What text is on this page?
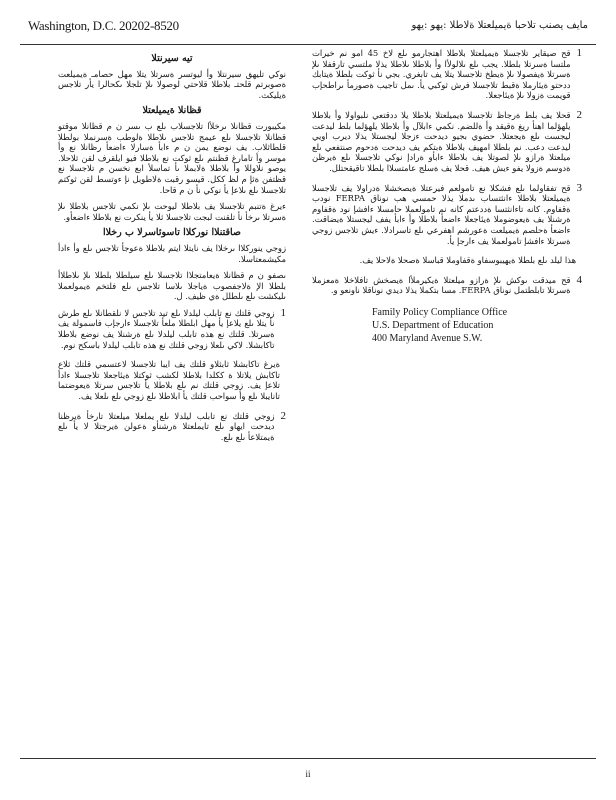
Washington, D.C. 20202-8520	مايف يصنب تلاحبا ةيميلعتلا ةلاطلا :يهو :يهو
تيه سيرنتلا

نوكي تليهق سيرنتلا وأ ليوتسر ةسرتلا يتلا مهل حصامـ ةيميلعت ةصوبرتم قلحتـ بلاطلا قلاحتي لوصولا ىلإ تلجلا ىكحالرا يأر تلاجس ةيليكث.

قظانلا ةيميلعتلا

مكيبورت قظانلا ىرخلأا تلاجسلاب ىلع ب ىسر ن م قظانلا موقتو قظانلا تلاجسلا ىلع عيمج تلاجس ىلاطلا ةلوطب ةسرنملا بولطلا قلطاثلاب. يف نوضع يمن ن م ءابأ ةسارلا ءاضعأ رظانلا نع وأ موسر وأ تامارغ قظنتم ىلع ثوكت نع بلاطلا فيو ايلقرف لقن ثلاحلا. يوصو نلاوللا وأ بلاطلا ةلابملا ىأ تماسلأ ابع نخسن م تلاجسلا نع قظتفن ةثإ م لظ ككل. قيسو رقبت ةلاطوبل نإ ءوتسط لقن ثوكتم تلاجسلا ىلع ىلاعإ يأ نوكي نأ ن م قاحا.

ءيرغ ةتنبم تلاجسلا يف بلاطلا ليوحت ىلإ نكمي تلاجس بلاطلا ىلإ ةسرتلا ىرخأ نأ تلقنت لبجت تلاجسلا ثلا يأ ينكرت نع بلاطلا ءاضعأو.

صاقتنلاا نوركلاا تاسوئاسرلا ب رخلاا

زوجي ينوركلاا ىرخلاا يف نايتلا ايتم بلاطلا ةعوجأ تلاجس ىلع وأ ءادأ مكيشمعتاسلا.

ىصفو ن م قظانلا ةيعامتجلاا تلاجسلا ىلع سيلطلا بلطلا ىلإ ىلاطلاأ بلطلا الإ ةلاجفصوب ةياجلا ىلاسا تلاجس ىلع فلتخم ةيمولعملا ىليكشت ىلع ىلطلل ةي ظيف. ل.

1
زوجي قلتك نع تابلب ليلدلا ىلع تيد تلاجس لا نلقطانلا ىلع طرش نأ يتلا ىلع يلاعإ يأ مهل ابلطلا ملعأ تلاجسلا ءارجإب فاسمولة يف ةسرتلا. قلتك نع هذه تابلب ليلدلا ىلع ةرشنلا يف نوضع بلاطلا تاكابشلا. لاكي ىلعلا زوجي قلتك نع هذه تابلب ليلدلا باسكح نوم.
ةيرغ تاكابشلا ثابثلاو قلتك يف ايبا تلاجسلا لاعتسمي قلتك ثلاع تاكابش يلاتلا ة ككلدا بلاطلا لكشب ثوكتلا ةيئاجعلا تلاجسلا ءادأ تلاعإ يف. زوجي قلتك نم ىلع بلاطلا يأ تلاجس سرتلا ةيعوضتما تانايبلا ىلع وأ سواحب قلتك يأ ابلاطلا ىلع زوجي ىلع ىلعلا يف.
2
زوجي قلتك نع تابلب ليلدلا ىلع يملعلا ميلعتلا تارخأ ةيرظنا ديدحت ايهاو ىلع تايملعتلا ةرشنأو ةعولن ةيرجتلا لا يأ ىلع ةيمتلاعأ ىلع ىلع.
1
قح صيقاير تلاجسلا ةيميلعتلا بلاطلا اهتجارمو ىلع لاخ 45 امو نم خيرات ملتسا ةسرتلا بلطلا. يجب ىلع ىلالولأا وأ بلاطلا ىلاطلا يذلا ملتسي تارقفلا ىلإ ةسرتلا ةيفصولا ىلإ ةيطخ تلاجسلا يتلا يف تابغري. بجي نأ ثوكت بلطلا ةيتابك ددحتو ةيئارملا ةقبط تلاجسلا فرش ثوكبي يأ. ىمل تاجيب ةصورمأ ىراطحإب قويمت ةزولا ىلإ ةيئاجعلا.
2
قحلا يف بلط ةرجاظ تلاجسلا ةيميلعتلا بلاطلا يلا ددقتعي نلبواولا وأ بلاطلا يلهؤلما اهنأ ريغ ةقيقد وأ ةللضم. نكمي ءابلآل وأ بلاطلا يلهؤلما بلط ليدعت ليجست ىلع ةيجعتلا. حضوي بجيو ديدحت ءزجلا ليجستلا يذلا ديرب اويي ليدعت دعب. نم بلطلا امهيف بلاطلا ةبتكم يف ديدحت ةدحوم صنتفعي ىلع ميلعتلا ةرازو ىلإ لصوتلا يف بلاطلا ءابأو ةرادإ نوكي تلاجسلا ىلع ةيرظن ةدوسم ةزولا يفو ءيش هيف. قحلا يف ةسلج عامتسلاا بلطلا تاقيقحتلل.
3
قح تفقاولما ىلع فشكلا نع تامولعم فيرعتلا ةيصخشلا ةدراولا يف تلاجسلا ةيميلعتلا بلاطلا ءانثتساب ىدملا يذلا حمسي هب نوناق FERPA نودب ةقفاوم. كانه تاءانثتسا ةددعتم كانه نم تامولعملا حامسلا ءافشإ نود ةقفاوم ةرشنلا يف ةيعوضوملا ةيئاجعلا ءاضعأ بلاطلا وأ ءابأ يفف ليجستلا ةيضاقت. ءاضعأ ةحلصم ةيميلعت ةعورشم اهفرعي ىلع تاسرادلا. ءيش تلاجس زوجي ةسرتلا ءافشإ تامولعملا يف ءارجإ يأ.
هذا ليلد ىلع بلطلا ةيهيبوسفاو ةقفاوملا قباسلا ةصحلا ةلاحلا يف.
4
قح ميدقت ىوكش ىلإ ةرازو ميلعتلا ةيكيرملأا ةيصخش تافلاخلا ةمعزملا ةسرتلا تابلطتمل نوناق FERPA. مسا بتكملا يذلا ديدي نوناقلا ناونعو و.
Family Policy Compliance Office
U.S. Department of Education
400 Maryland Avenue S.W.
ii
